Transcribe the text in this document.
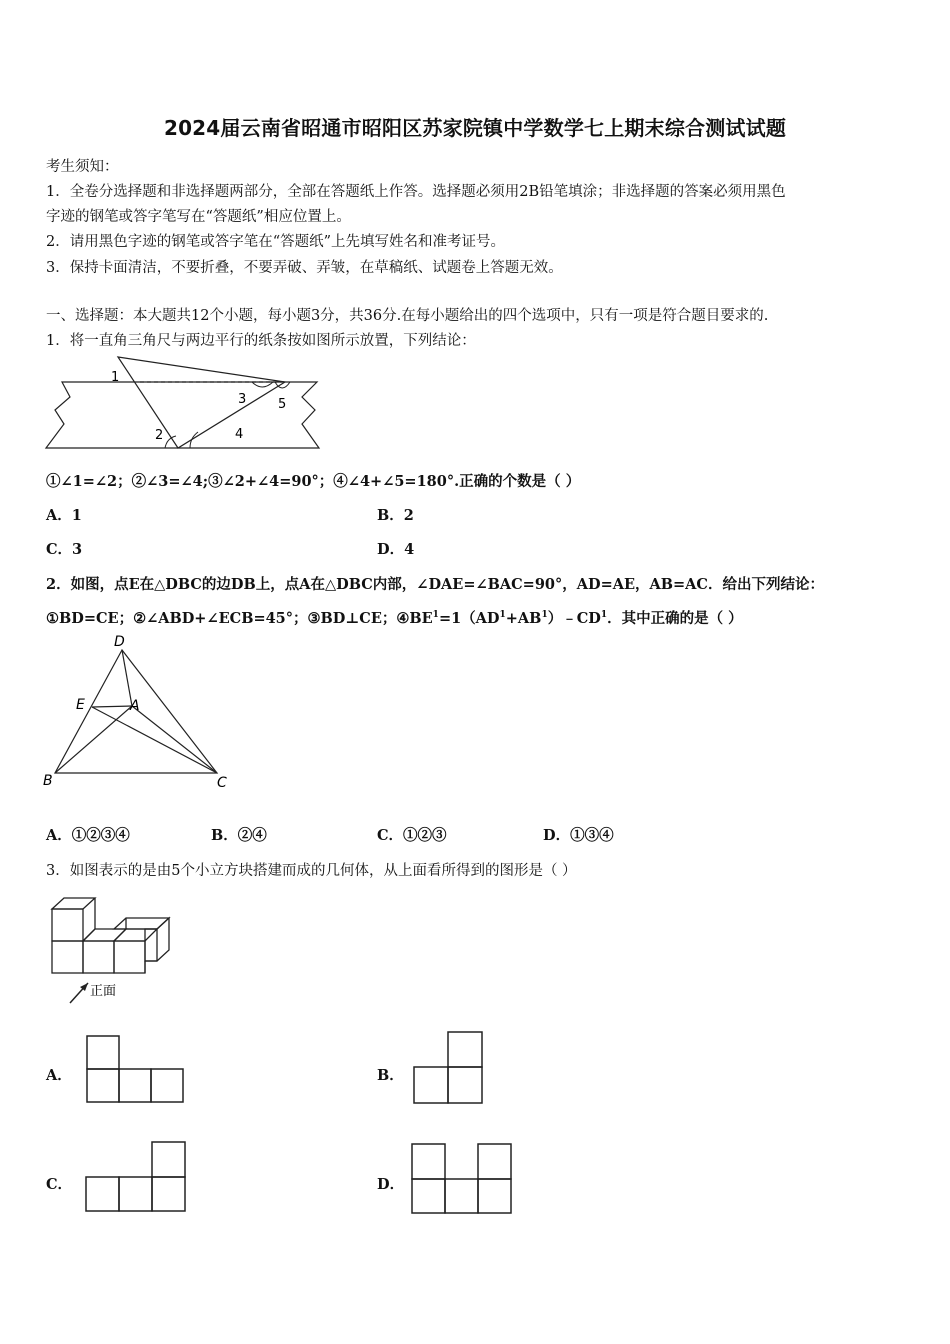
2024届云南省昭通市昭阳区苏家院镇中学数学七上期末综合测试试题
考生须知：
1．全卷分选择题和非选择题两部分，全部在答题纸上作答。选择题必须用2B铅笔填涂；非选择题的答案必须用黑色
字迹的钢笔或答字笔写在“答题纸”相应位置上。
2．请用黑色字迹的钢笔或答字笔在“答题纸”上先填写姓名和准考证号。
3．保持卡面清洁，不要折叠，不要弄破、弄皱，在草稿纸、试题卷上答题无效。
一、选择题：本大题共12个小题，每小题3分，共36分.在每小题给出的四个选项中，只有一项是符合题目要求的.
1．将一直角三角尺与两边平行的纸条按如图所示放置，下列结论：
1
2
3
4
5
①∠1=∠2；②∠3=∠4;③∠2+∠4=90°；④∠4+∠5=180°.正确的个数是（ ）
A．1	B．2
C．3	D．4
2．如图，点E在△DBC的边DB上，点A在△DBC内部，∠DAE=∠BAC=90°，AD=AE，AB=AC．给出下列结论：
①BD=CE；②∠ABD+∠ECB=45°；③BD⊥CE；$④BE^1=1(AD^1+AB^1)﹣CD^1$．其中正确的是（ ）
D
E	A
B	C
A．①②③④	B．②④	C．①②③	D．①③④
3．如图表示的是由5个小立方块搭建而成的几何体，从上面看所得到的图形是（ ）
正面
A．	B．
C．	D．
